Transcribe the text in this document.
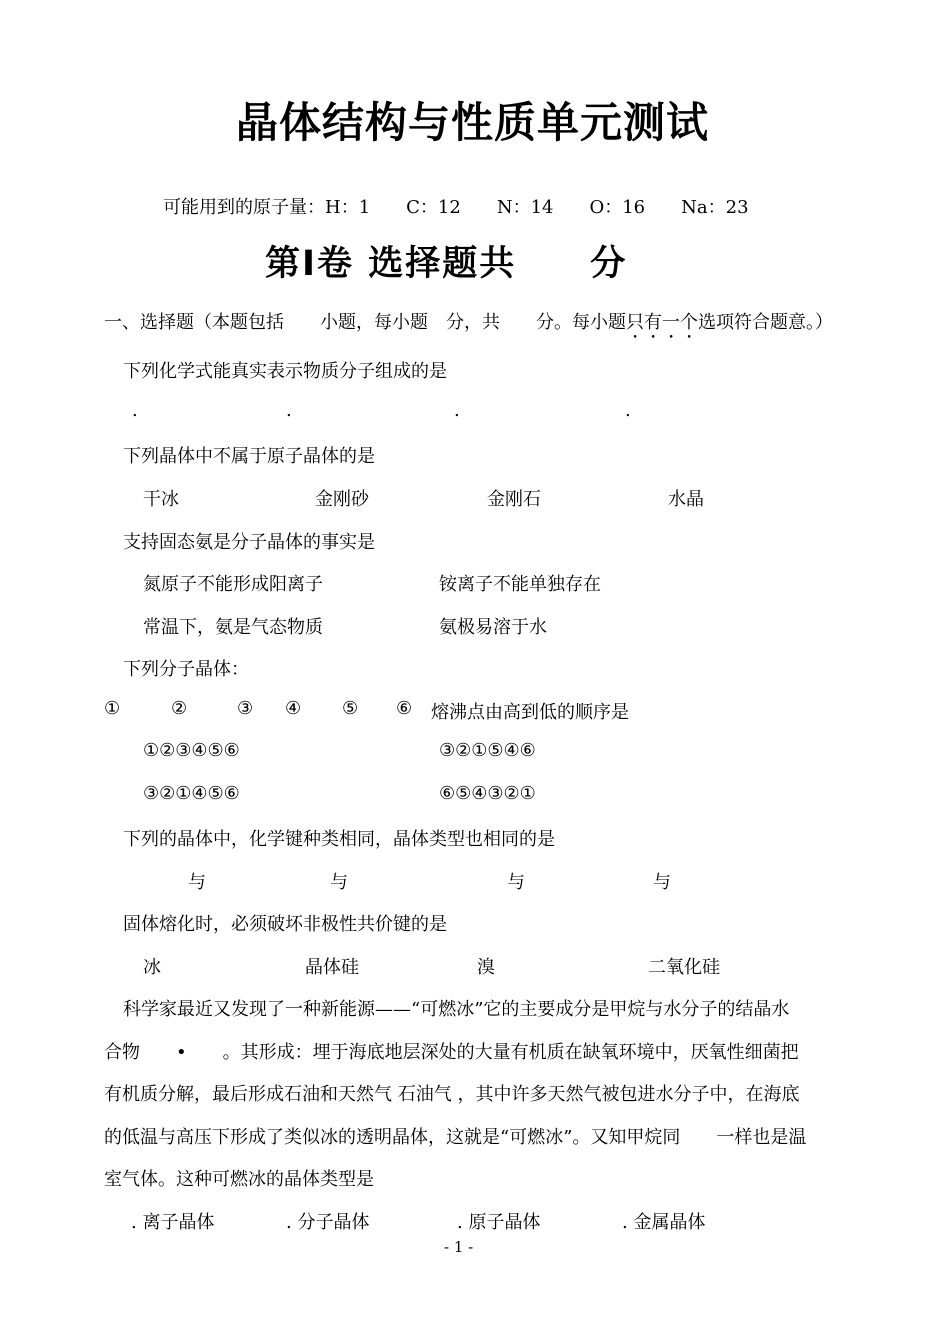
晶体结构与性质单元测试
可能用到的原子量：H：1　　C：12　　N：14　　O：16　　Na：23
第Ⅰ卷 选择题共　　分
一、选择题（本题包括　　小题，每小题　分，共　　分。每小题只有一个选项符合题意。）
下列化学式能真实表示物质分子组成的是
.	.	.	.
下列晶体中不属于原子晶体的是
干冰	金刚砂	金刚石	水晶
支持固态氨是分子晶体的事实是
氮原子不能形成阳离子	铵离子不能单独存在
常温下，氨是气态物质	氨极易溶于水
下列分子晶体：
①	②	③ ④ ⑤ ⑥ 熔沸点由高到低的顺序是
①②③④⑤⑥	③②①⑤④⑥
③②①④⑤⑥	⑥⑤④③②①
下列的晶体中，化学键种类相同，晶体类型也相同的是
与	与	与	与
固体熔化时，必须破坏非极性共价键的是
冰	晶体硅	溴	二氧化硅
科学家最近又发现了一种新能源——“可燃冰”它的主要成分是甲烷与水分子的结晶水
合物　　•　　。其形成：埋于海底地层深处的大量有机质在缺氧环境中，厌氧性细菌把
有机质分解，最后形成石油和天然气 石油气 ，其中许多天然气被包进水分子中，在海底
的低温与高压下形成了类似冰的透明晶体，这就是“可燃冰”。又知甲烷同　　一样也是温
室气体。这种可燃冰的晶体类型是
. 离子晶体	. 分子晶体	. 原子晶体	. 金属晶体
- 1 -
